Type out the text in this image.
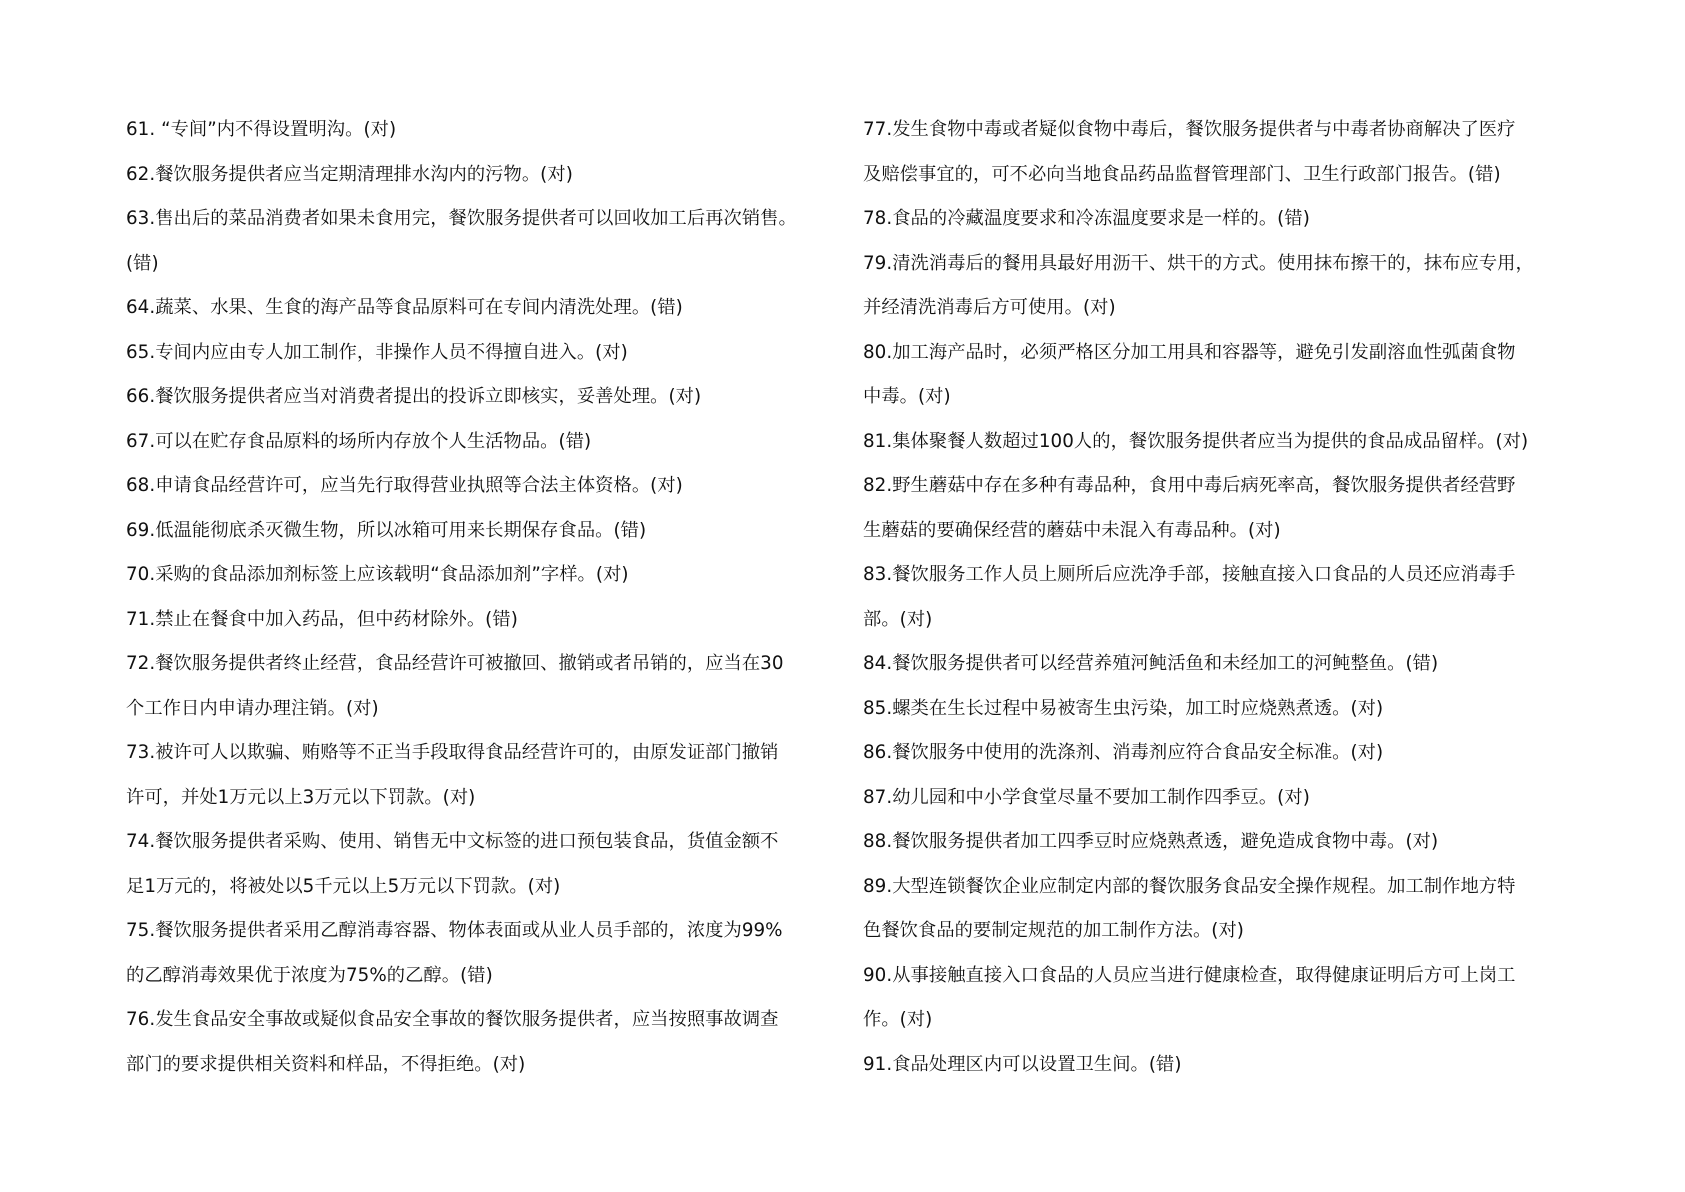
61. “专间”内不得设置明沟。(对)
62.餐饮服务提供者应当定期清理排水沟内的污物。(对)
63.售出后的菜品消费者如果未食用完，餐饮服务提供者可以回收加工后再次销售。
(错)
64.蔬菜、水果、生食的海产品等食品原料可在专间内清洗处理。(错)
65.专间内应由专人加工制作，非操作人员不得擅自进入。(对)
66.餐饮服务提供者应当对消费者提出的投诉立即核实，妥善处理。(对)
67.可以在贮存食品原料的场所内存放个人生活物品。(错)
68.申请食品经营许可，应当先行取得营业执照等合法主体资格。(对)
69.低温能彻底杀灭微生物，所以冰箱可用来长期保存食品。(错)
70.采购的食品添加剂标签上应该载明“食品添加剂”字样。(对)
71.禁止在餐食中加入药品，但中药材除外。(错)
72.餐饮服务提供者终止经营，食品经营许可被撤回、撤销或者吊销的，应当在30
个工作日内申请办理注销。(对)
73.被许可人以欺骗、贿赂等不正当手段取得食品经营许可的，由原发证部门撤销
许可，并处1万元以上3万元以下罚款。(对)
74.餐饮服务提供者采购、使用、销售无中文标签的进口预包装食品，货值金额不
足1万元的，将被处以5千元以上5万元以下罚款。(对)
75.餐饮服务提供者采用乙醇消毒容器、物体表面或从业人员手部的，浓度为99%
的乙醇消毒效果优于浓度为75%的乙醇。(错)
76.发生食品安全事故或疑似食品安全事故的餐饮服务提供者，应当按照事故调查
部门的要求提供相关资料和样品，不得拒绝。(对)
77.发生食物中毒或者疑似食物中毒后，餐饮服务提供者与中毒者协商解决了医疗
及赔偿事宜的，可不必向当地食品药品监督管理部门、卫生行政部门报告。(错)
78.食品的冷藏温度要求和冷冻温度要求是一样的。(错)
79.清洗消毒后的餐用具最好用沥干、烘干的方式。使用抹布擦干的，抹布应专用，
并经清洗消毒后方可使用。(对)
80.加工海产品时，必须严格区分加工用具和容器等，避免引发副溶血性弧菌食物
中毒。(对)
81.集体聚餐人数超过100人的，餐饮服务提供者应当为提供的食品成品留样。(对)
82.野生蘑菇中存在多种有毒品种，食用中毒后病死率高，餐饮服务提供者经营野
生蘑菇的要确保经营的蘑菇中未混入有毒品种。(对)
83.餐饮服务工作人员上厕所后应洗净手部，接触直接入口食品的人员还应消毒手
部。(对)
84.餐饮服务提供者可以经营养殖河鲀活鱼和未经加工的河鲀整鱼。(错)
85.螺类在生长过程中易被寄生虫污染，加工时应烧熟煮透。(对)
86.餐饮服务中使用的洗涤剂、消毒剂应符合食品安全标准。(对)
87.幼儿园和中小学食堂尽量不要加工制作四季豆。(对)
88.餐饮服务提供者加工四季豆时应烧熟煮透，避免造成食物中毒。(对)
89.大型连锁餐饮企业应制定内部的餐饮服务食品安全操作规程。加工制作地方特
色餐饮食品的要制定规范的加工制作方法。(对)
90.从事接触直接入口食品的人员应当进行健康检查，取得健康证明后方可上岗工
作。(对)
91.食品处理区内可以设置卫生间。(错)
